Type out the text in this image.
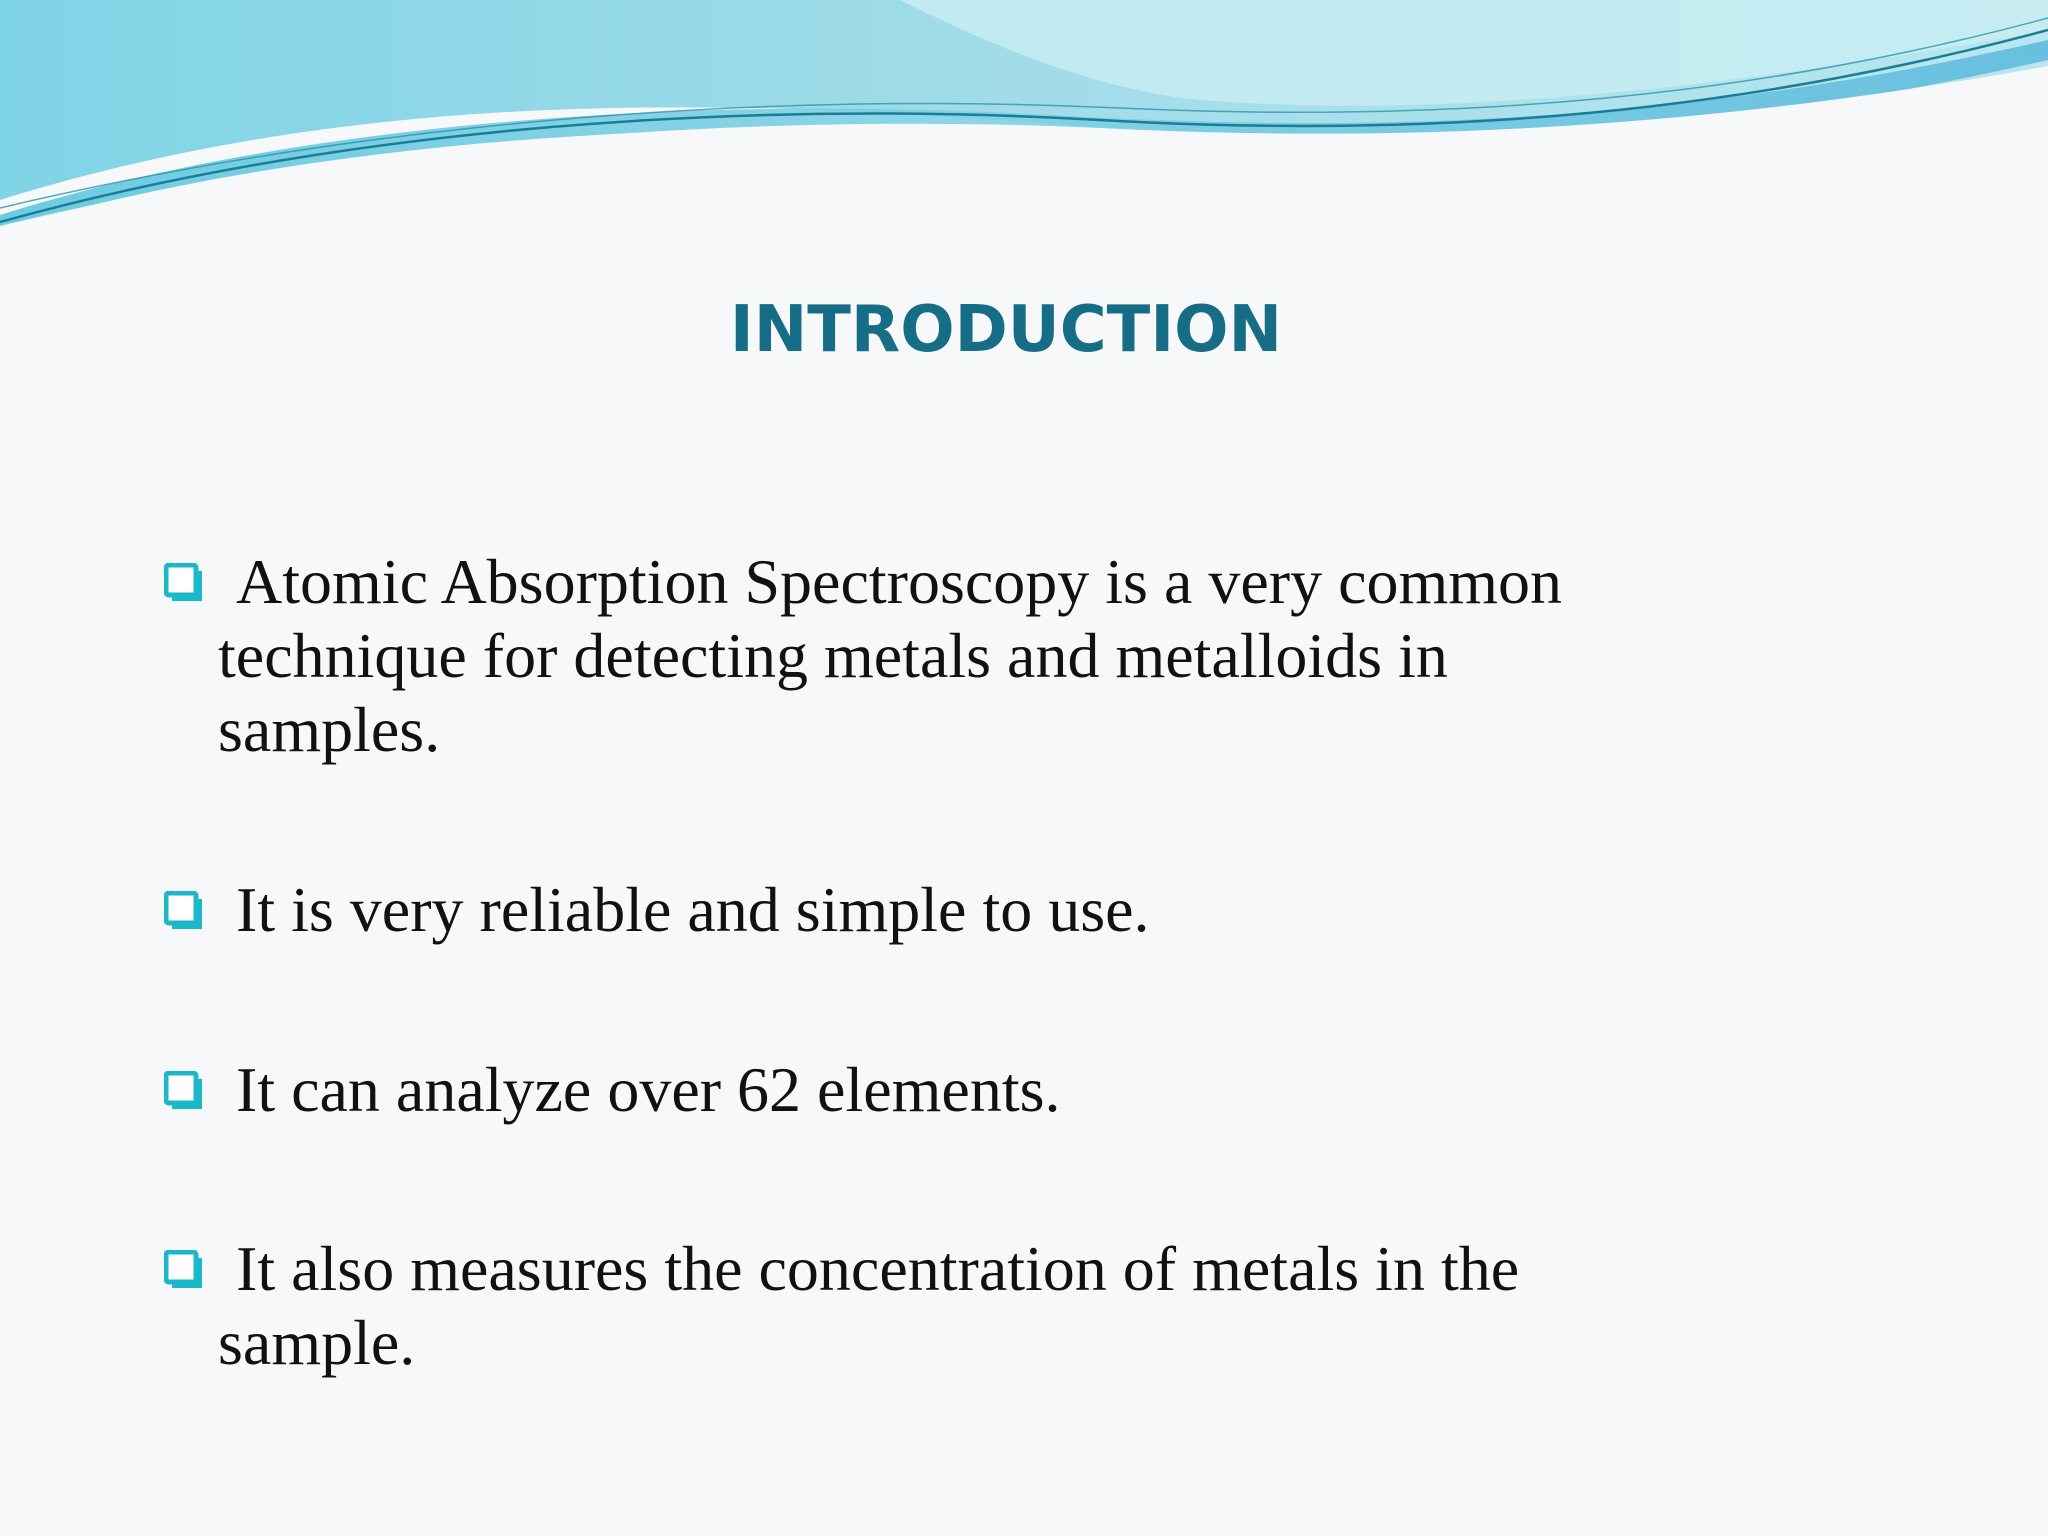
INTRODUCTION
Atomic Absorption Spectroscopy is a very common
technique for detecting metals and metalloids in
samples.
It is very reliable and simple to use.
It can analyze over 62 elements.
It also measures the concentration of metals in the
sample.
